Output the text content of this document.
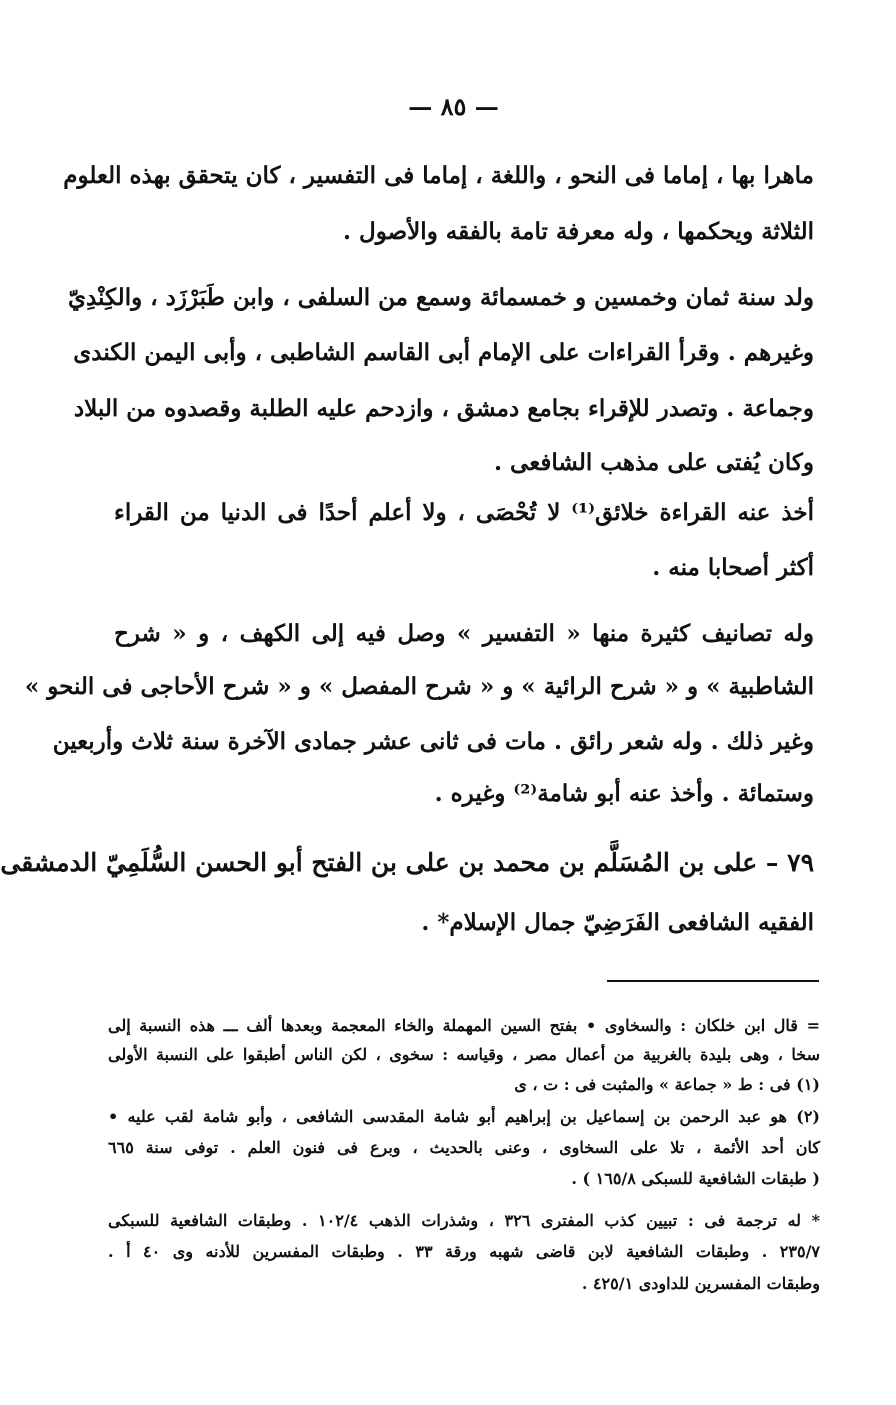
— ٨٥ —
ماهرا بها ، إماما فى النحو ، واللغة ، إماما فى التفسير ، كان يتحقق بهذه العلوم
الثلاثة ويحكمها ، وله معرفة تامة بالفقه والأصول .
ولد سنة ثمان وخمسين و خمسمائة وسمع من السلفى ، وابن طَبَرْزَد ، والكِنْدِيّ
وغيرهم . وقرأ القراءات على الإمام أبى القاسم الشاطبى ، وأبى اليمن الكندى
وجماعة . وتصدر للإقراء بجامع دمشق ، وازدحم عليه الطلبة وقصدوه من البلاد
وكان يُفتى على مذهب الشافعى .
أخذ عنه القراءة خلائق⁽¹⁾ لا تُحْصَى ، ولا أعلم أحدًا فى الدنيا من القراء
أكثر أصحابا منه .
وله تصانيف كثيرة منها « التفسير » وصل فيه إلى الكهف ، و « شرح
الشاطبية » و « شرح الرائية » و « شرح المفصل » و « شرح الأحاجى فى النحو »
وغير ذلك . وله شعر رائق . مات فى ثانى عشر جمادى الآخرة سنة ثلاث وأربعين
وستمائة . وأخذ عنه أبو شامة⁽²⁾ وغيره .
٧٩ – على بن المُسَلَّم بن محمد بن على بن الفتح أبو الحسن السُّلَمِيّ الدمشقى
الفقيه الشافعى الفَرَضِيّ جمال الإسلام* .
= قال ابن خلكان : والسخاوى • بفتح السين المهملة والخاء المعجمة وبعدها ألف ـــ هذه النسبة إلى
سخا ، وهى بليدة بالغربية من أعمال مصر ، وقياسه : سخوى ، لكن الناس أطبقوا على النسبة الأولى
(١) فى : ط « جماعة » والمثبت فى : ت ، ى
(٢) هو عبد الرحمن بن إسماعيل بن إبراهيم أبو شامة المقدسى الشافعى ، وأبو شامة لقب عليه •
كان أحد الأئمة ، تلا على السخاوى ، وعنى بالحديث ، وبرع فى فنون العلم . توفى سنة ٦٦٥
( طبقات الشافعية للسبكى ١٦٥/٨ ) .
* له ترجمة فى : تبيين كذب المفترى ٣٢٦ ، وشذرات الذهب ١٠٢/٤ . وطبقات الشافعية للسبكى
٢٣٥/٧ . وطبقات الشافعية لابن قاضى شهبه ورقة ٣٣ . وطبقات المفسرين للأدنه وى ٤٠ أ .
وطبقات المفسرين للداودى ٤٢٥/١ .
